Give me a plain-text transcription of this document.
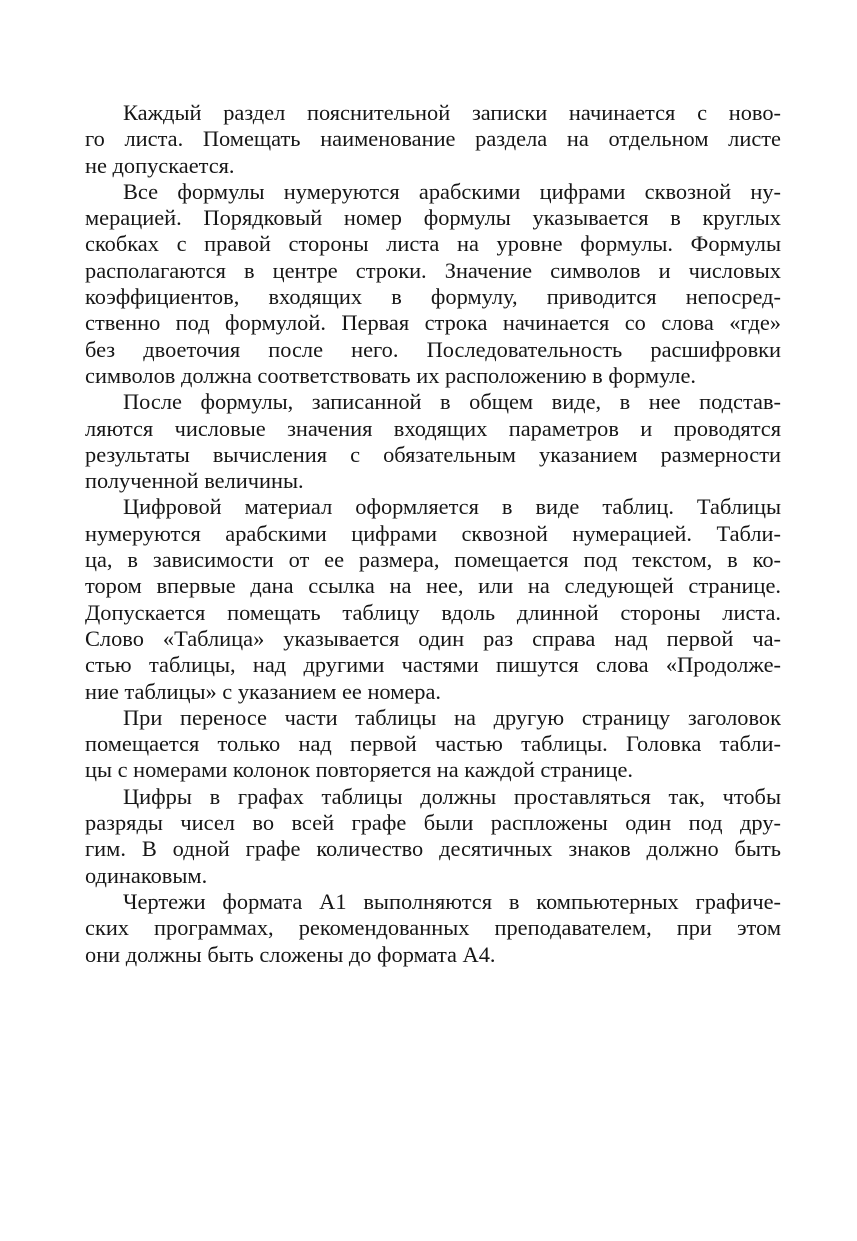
Каждый раздел пояснительной записки начинается с ново-
го листа. Помещать наименование раздела на отдельном листе
не допускается.
Все формулы нумеруются арабскими цифрами сквозной ну-
мерацией. Порядковый номер формулы указывается в круглых
скобках с правой стороны листа на уровне формулы. Формулы
располагаются в центре строки. Значение символов и числовых
коэффициентов, входящих в формулу, приводится непосред-
ственно под формулой. Первая строка начинается со слова «где»
без двоеточия после него. Последовательность расшифровки
символов должна соответствовать их расположению в формуле.
После формулы, записанной в общем виде, в нее подстав-
ляются числовые значения входящих параметров и проводятся
результаты вычисления с обязательным указанием размерности
полученной величины.
Цифровой материал оформляется в виде таблиц. Таблицы
нумеруются арабскими цифрами сквозной нумерацией. Табли-
ца, в зависимости от ее размера, помещается под текстом, в ко-
тором впервые дана ссылка на нее, или на следующей странице.
Допускается помещать таблицу вдоль длинной стороны листа.
Слово «Таблица» указывается один раз справа над первой ча-
стью таблицы, над другими частями пишутся слова «Продолже-
ние таблицы» с указанием ее номера.
При переносе части таблицы на другую страницу заголовок
помещается только над первой частью таблицы. Головка табли-
цы с номерами колонок повторяется на каждой странице.
Цифры в графах таблицы должны проставляться так, чтобы
разряды чисел во всей графе были распложены один под дру-
гим. В одной графе количество десятичных знаков должно быть
одинаковым.
Чертежи формата А1 выполняются в компьютерных графиче-
ских программах, рекомендованных преподавателем, при этом
они должны быть сложены до формата А4.
